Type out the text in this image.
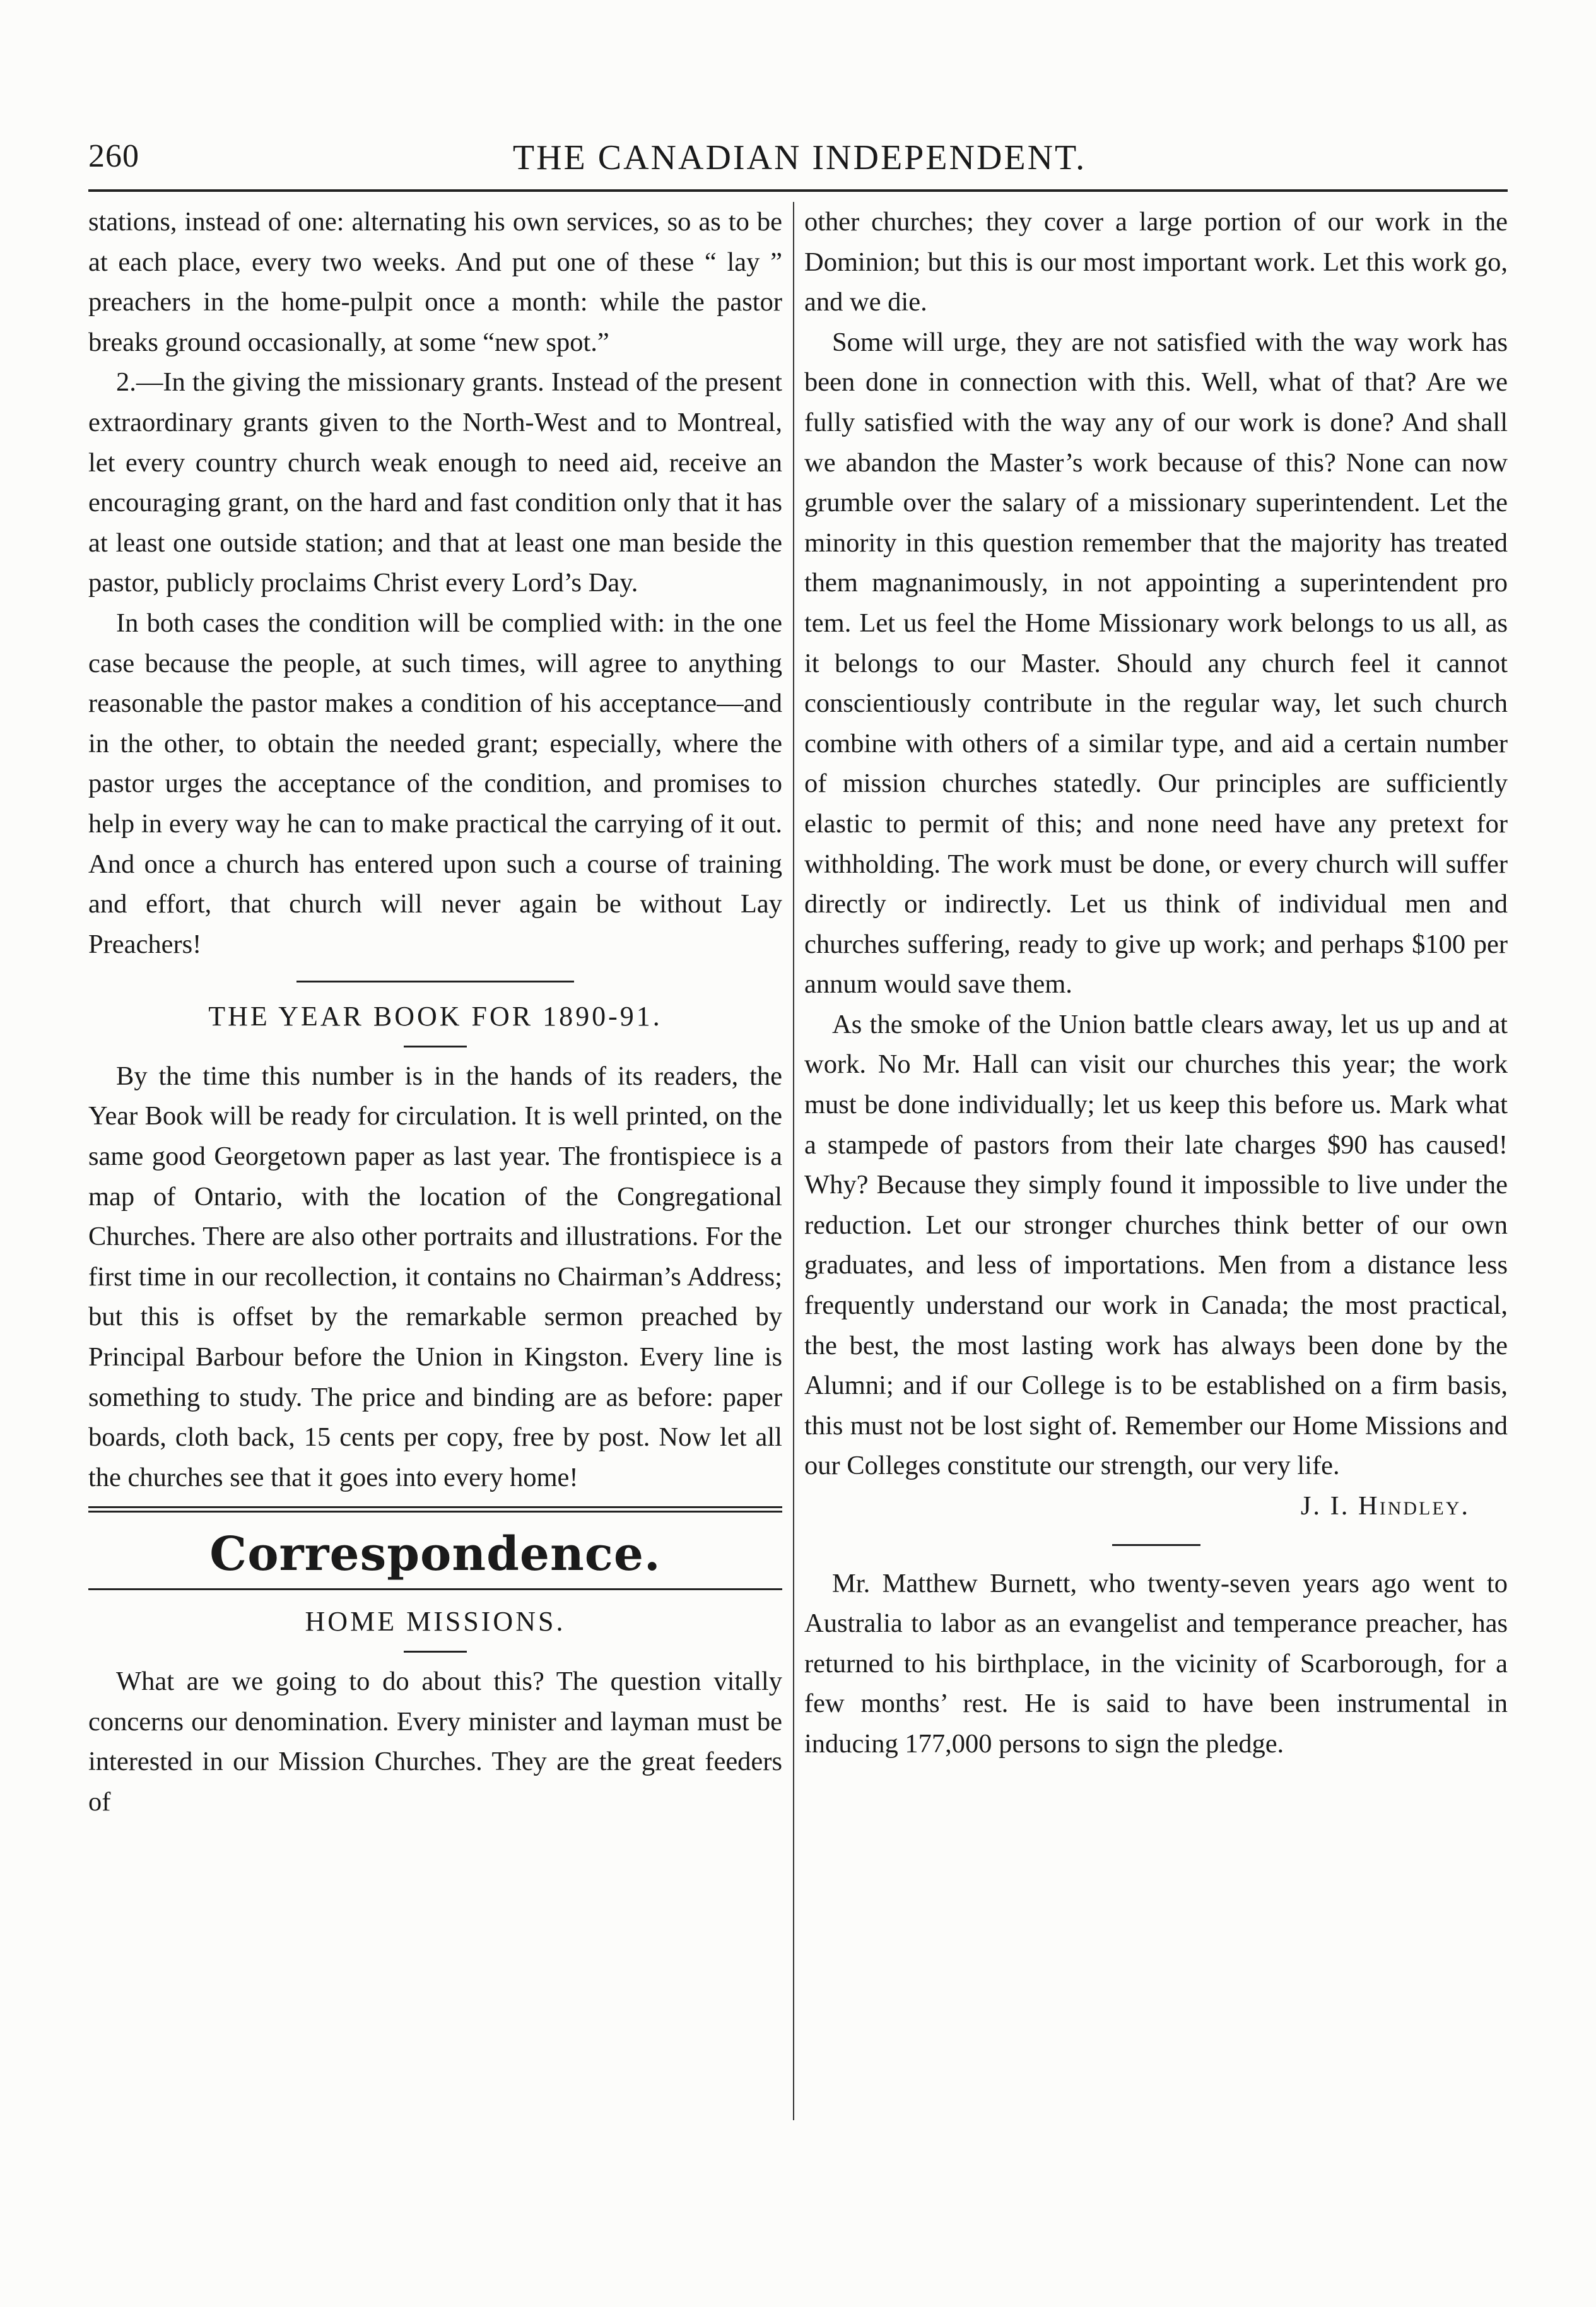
260	THE CANADIAN INDEPENDENT.

stations, instead of one: alternating his own services, so as to be at each place, every two weeks. And put one of these “ lay ” preachers in the home-pulpit once a month: while the pastor breaks ground occasionally, at some “new spot.”

2.—In the giving the missionary grants. Instead of the present extraordinary grants given to the North-West and to Montreal, let every country church weak enough to need aid, receive an encouraging grant, on the hard and fast condition only that it has at least one outside station; and that at least one man beside the pastor, publicly proclaims Christ every Lord’s Day.

In both cases the condition will be complied with: in the one case because the people, at such times, will agree to anything reasonable the pastor makes a condition of his acceptance—and in the other, to obtain the needed grant; especially, where the pastor urges the acceptance of the condition, and promises to help in every way he can to make practical the carrying of it out. And once a church has entered upon such a course of training and effort, that church will never again be without Lay Preachers!

THE YEAR BOOK FOR 1890-91.

By the time this number is in the hands of its readers, the Year Book will be ready for circulation. It is well printed, on the same good Georgetown paper as last year. The frontispiece is a map of Ontario, with the location of the Congregational Churches. There are also other portraits and illustrations. For the first time in our recollection, it contains no Chairman’s Address; but this is offset by the remarkable sermon preached by Principal Barbour before the Union in Kingston. Every line is something to study. The price and binding are as before: paper boards, cloth back, 15 cents per copy, free by post. Now let all the churches see that it goes into every home!

Correspondence.

HOME MISSIONS.

What are we going to do about this? The question vitally concerns our denomination. Every minister and layman must be interested in our Mission Churches. They are the great feeders of

other churches; they cover a large portion of our work in the Dominion; but this is our most important work. Let this work go, and we die.

Some will urge, they are not satisfied with the way work has been done in connection with this. Well, what of that? Are we fully satisfied with the way any of our work is done? And shall we abandon the Master’s work because of this? None can now grumble over the salary of a missionary superintendent. Let the minority in this question remember that the majority has treated them magnanimously, in not appointing a superintendent pro tem. Let us feel the Home Missionary work belongs to us all, as it belongs to our Master. Should any church feel it cannot conscientiously contribute in the regular way, let such church combine with others of a similar type, and aid a certain number of mission churches statedly. Our principles are sufficiently elastic to permit of this; and none need have any pretext for withholding. The work must be done, or every church will suffer directly or indirectly. Let us think of individual men and churches suffering, ready to give up work; and perhaps $100 per annum would save them.

As the smoke of the Union battle clears away, let us up and at work. No Mr. Hall can visit our churches this year; the work must be done individually; let us keep this before us. Mark what a stampede of pastors from their late charges $90 has caused! Why? Because they simply found it impossible to live under the reduction. Let our stronger churches think better of our own graduates, and less of importations. Men from a distance less frequently understand our work in Canada; the most practical, the best, the most lasting work has always been done by the Alumni; and if our College is to be established on a firm basis, this must not be lost sight of. Remember our Home Missions and our Colleges constitute our strength, our very life.

J. I. Hindley.

Mr. Matthew Burnett, who twenty-seven years ago went to Australia to labor as an evangelist and temperance preacher, has returned to his birthplace, in the vicinity of Scarborough, for a few months’ rest. He is said to have been instrumental in inducing 177,000 persons to sign the pledge.
